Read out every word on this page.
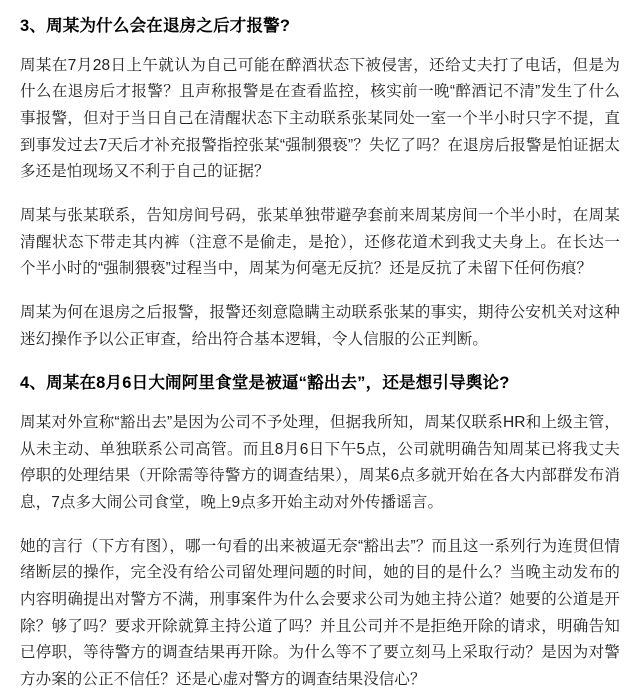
3、周某为什么会在退房之后才报警?

周某在7月28日上午就认为自己可能在醉酒状态下被侵害，还给丈夫打了电话，但是为什么在退房后才报警？且声称报警是在查看监控，核实前一晚“醉酒记不清”发生了什么事报警，但对于当日自己在清醒状态下主动联系张某同处一室一个半小时只字不提，直到事发过去7天后才补充报警指控张某“强制猥亵”？失忆了吗？在退房后报警是怕证据太多还是怕现场又不利于自己的证据？

周某与张某联系，告知房间号码，张某单独带避孕套前来周某房间一个半小时，在周某清醒状态下带走其内裤（注意不是偷走，是抢），还修花道术到我丈夫身上。在长达一个半小时的“强制猥亵”过程当中，周某为何毫无反抗？还是反抗了未留下任何伤痕？

周某为何在退房之后报警，报警还刻意隐瞒主动联系张某的事实，期待公安机关对这种迷幻操作予以公正审查，给出符合基本逻辑，令人信服的公正判断。

4、周某在8月6日大闹阿里食堂是被逼“豁出去”，还是想引导舆论?

周某对外宣称“豁出去”是因为公司不予处理，但据我所知，周某仅联系HR和上级主管，从未主动、单独联系公司高管。而且8月6日下午5点，公司就明确告知周某已将我丈夫停职的处理结果（开除需等待警方的调查结果），周某6点多就开始在各大内部群发布消息，7点多大闹公司食堂，晚上9点多开始主动对外传播谣言。

她的言行（下方有图），哪一句看的出来被逼无奈“豁出去”？而且这一系列行为连贯但情绪断层的操作，完全没有给公司留处理问题的时间，她的目的是什么？当晚主动发布的内容明确提出对警方不满，刑事案件为什么会要求公司为她主持公道？她要的公道是开除？够了吗？要求开除就算主持公道了吗？并且公司并不是拒绝开除的请求，明确告知已停职，等待警方的调查结果再开除。为什么等不了要立刻马上采取行动？是因为对警方办案的公正不信任？还是心虚对警方的调查结果没信心？
